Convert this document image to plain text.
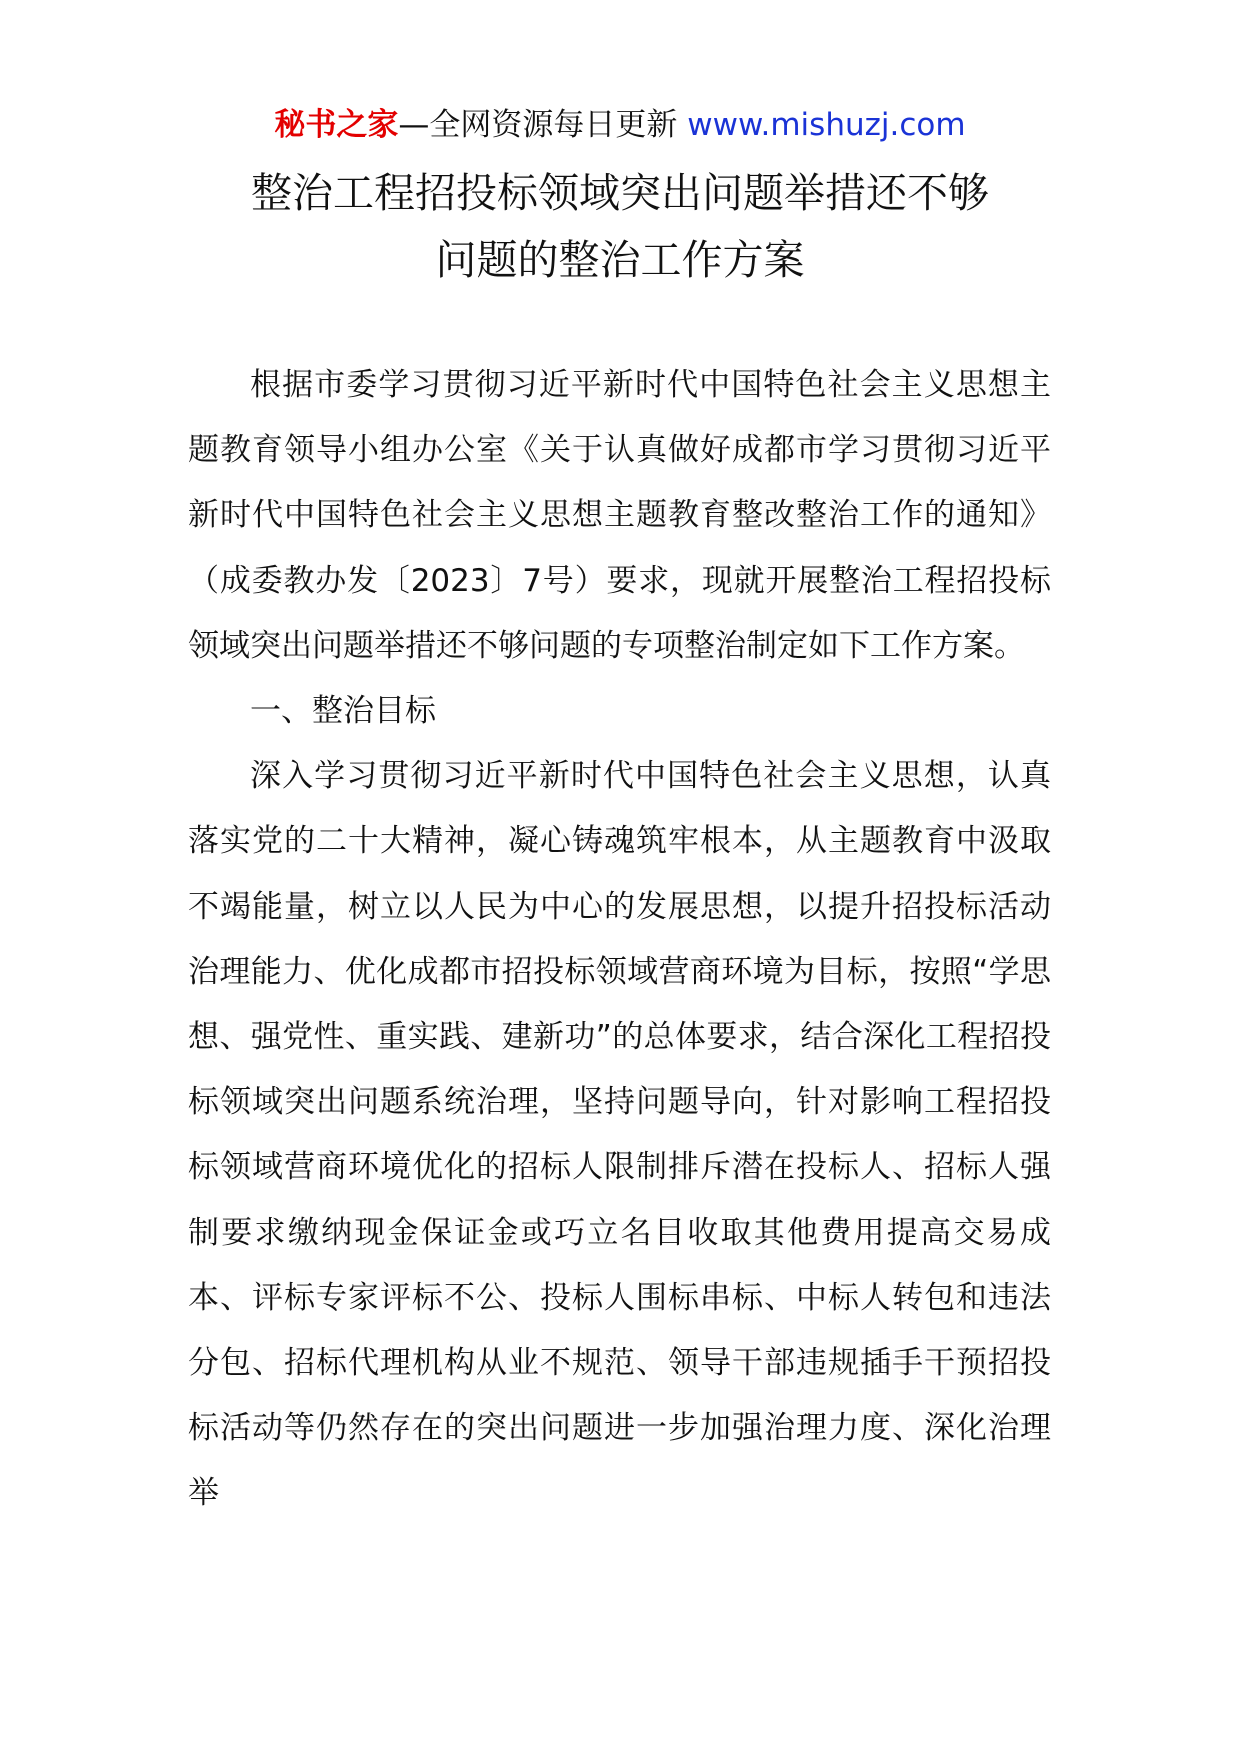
秘书之家—全网资源每日更新 www.mishuzj.com
整治工程招投标领域突出问题举措还不够
问题的整治工作方案

根据市委学习贯彻习近平新时代中国特色社会主义思想主题教育领导小组办公室《关于认真做好成都市学习贯彻习近平新时代中国特色社会主义思想主题教育整改整治工作的通知》（成委教办发〔2023〕7号）要求，现就开展整治工程招投标领域突出问题举措还不够问题的专项整治制定如下工作方案。

一、整治目标

深入学习贯彻习近平新时代中国特色社会主义思想，认真落实党的二十大精神，凝心铸魂筑牢根本，从主题教育中汲取不竭能量，树立以人民为中心的发展思想，以提升招投标活动治理能力、优化成都市招投标领域营商环境为目标，按照“学思想、强党性、重实践、建新功”的总体要求，结合深化工程招投标领域突出问题系统治理，坚持问题导向，针对影响工程招投标领域营商环境优化的招标人限制排斥潜在投标人、招标人强制要求缴纳现金保证金或巧立名目收取其他费用提高交易成本、评标专家评标不公、投标人围标串标、中标人转包和违法分包、招标代理机构从业不规范、领导干部违规插手干预招投标活动等仍然存在的突出问题进一步加强治理力度、深化治理举
